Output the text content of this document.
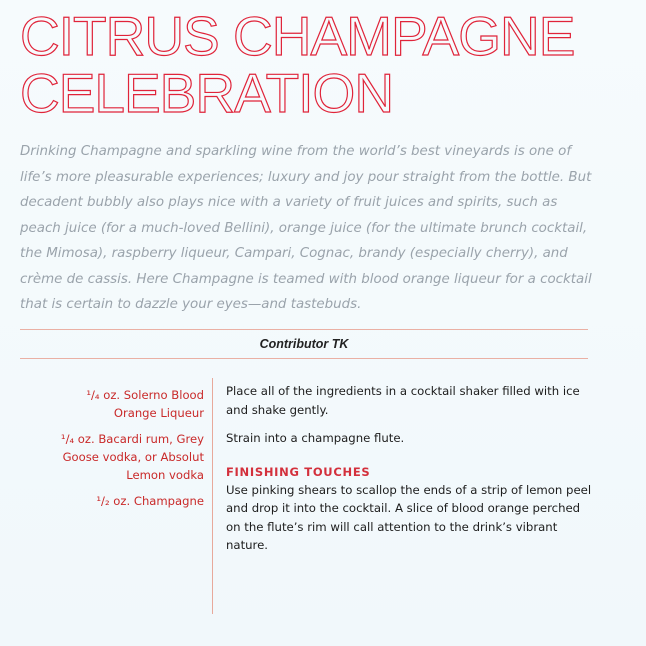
CITRUS CHAMPAGNE
CELEBRATION

Drinking Champagne and sparkling wine from the world’s best vineyards is one of life’s more pleasurable experiences; luxury and joy pour straight from the bottle. But decadent bubbly also plays nice with a variety of fruit juices and spirits, such as peach juice (for a much-loved Bellini), orange juice (for the ultimate brunch cocktail, the Mimosa), raspberry liqueur, Campari, Cognac, brandy (especially cherry), and crème de cassis. Here Champagne is teamed with blood orange liqueur for a cocktail that is certain to dazzle your eyes—and tastebuds.

Contributor TK
¹/₄ oz. Solerno Blood Orange Liqueur
¹/₄ oz. Bacardi rum, Grey Goose vodka, or Absolut Lemon vodka
¹/₂ oz. Champagne

Place all of the ingredients in a cocktail shaker filled with ice and shake gently.

Strain into a champagne flute.

FINISHING TOUCHES

Use pinking shears to scallop the ends of a strip of lemon peel and drop it into the cocktail. A slice of blood orange perched on the flute’s rim will call attention to the drink’s vibrant nature.
